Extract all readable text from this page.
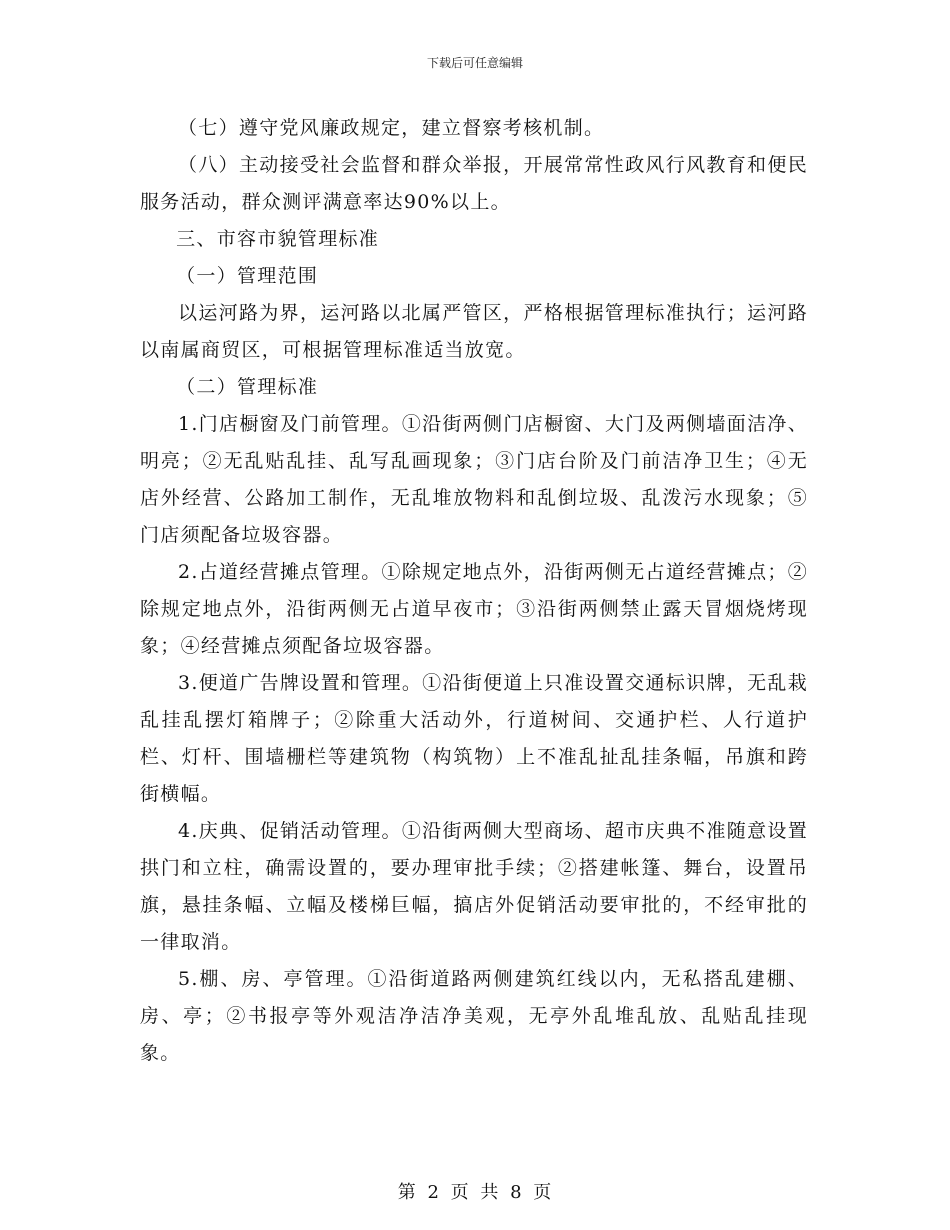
下载后可任意编辑

（七）遵守党风廉政规定，建立督察考核机制。

（八）主动接受社会监督和群众举报，开展常常性政风行风教育和便民服务活动，群众测评满意率达90%以上。

三、市容市貌管理标准

（一）管理范围

以运河路为界，运河路以北属严管区，严格根据管理标准执行；运河路以南属商贸区，可根据管理标准适当放宽。

（二）管理标准

1.门店橱窗及门前管理。①沿街两侧门店橱窗、大门及两侧墙面洁净、明亮；②无乱贴乱挂、乱写乱画现象；③门店台阶及门前洁净卫生；④无店外经营、公路加工制作，无乱堆放物料和乱倒垃圾、乱泼污水现象；⑤门店须配备垃圾容器。

2.占道经营摊点管理。①除规定地点外，沿街两侧无占道经营摊点；②除规定地点外，沿街两侧无占道早夜市；③沿街两侧禁止露天冒烟烧烤现象；④经营摊点须配备垃圾容器。

3.便道广告牌设置和管理。①沿街便道上只准设置交通标识牌，无乱栽乱挂乱摆灯箱牌子；②除重大活动外，行道树间、交通护栏、人行道护栏、灯杆、围墙栅栏等建筑物（构筑物）上不准乱扯乱挂条幅，吊旗和跨街横幅。

4.庆典、促销活动管理。①沿街两侧大型商场、超市庆典不准随意设置拱门和立柱，确需设置的，要办理审批手续；②搭建帐篷、舞台，设置吊旗，悬挂条幅、立幅及楼梯巨幅，搞店外促销活动要审批的，不经审批的一律取消。

5.棚、房、亭管理。①沿街道路两侧建筑红线以内，无私搭乱建棚、房、亭；②书报亭等外观洁净洁净美观，无亭外乱堆乱放、乱贴乱挂现象。

第 2 页 共 8 页
